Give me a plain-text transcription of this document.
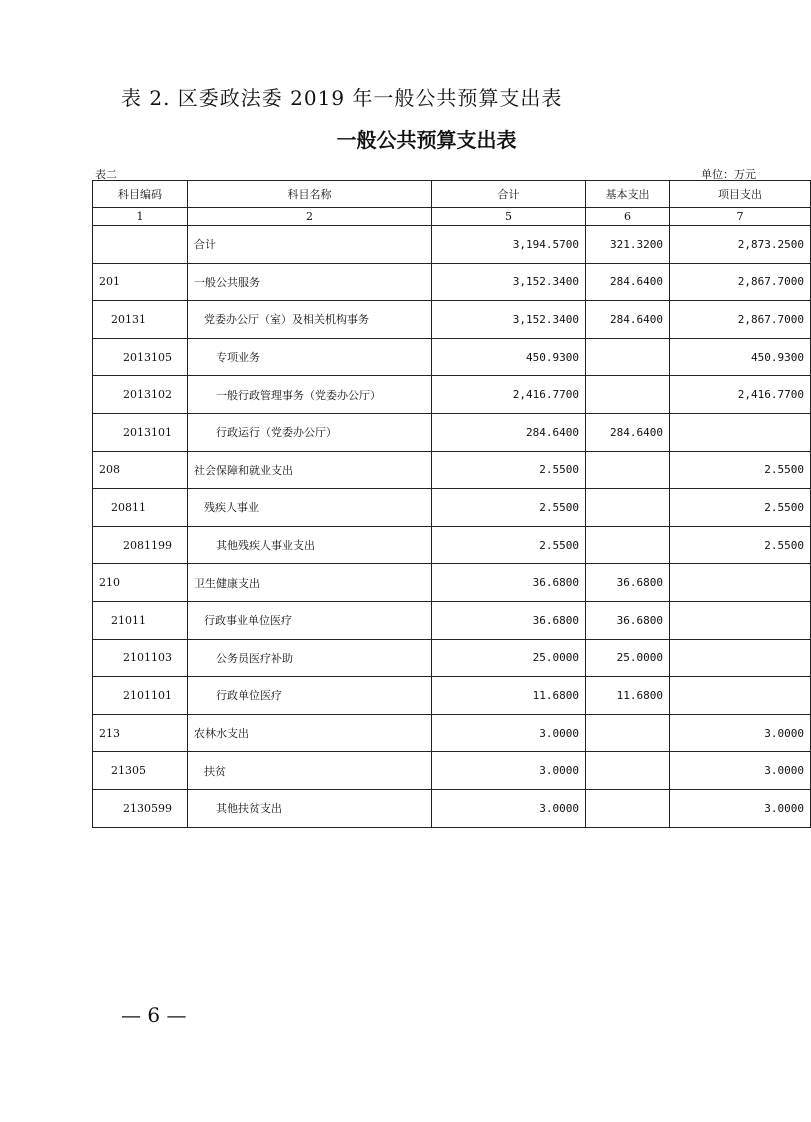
表 2. 区委政法委 2019 年一般公共预算支出表
一般公共预算支出表
表二	单位：万元
科目编码	科目名称	合计	基本支出	项目支出
1	2	5	6	7
	合计	3,194.5700	321.3200	2,873.2500
201	一般公共服务	3,152.3400	284.6400	2,867.7000
20131	党委办公厅（室）及相关机构事务	3,152.3400	284.6400	2,867.7000
2013105	专项业务	450.9300		450.9300
2013102	一般行政管理事务（党委办公厅）	2,416.7700		2,416.7700
2013101	行政运行（党委办公厅）	284.6400	284.6400	
208	社会保障和就业支出	2.5500		2.5500
20811	残疾人事业	2.5500		2.5500
2081199	其他残疾人事业支出	2.5500		2.5500
210	卫生健康支出	36.6800	36.6800	
21011	行政事业单位医疗	36.6800	36.6800	
2101103	公务员医疗补助	25.0000	25.0000	
2101101	行政单位医疗	11.6800	11.6800	
213	农林水支出	3.0000		3.0000
21305	扶贫	3.0000		3.0000
2130599	其他扶贫支出	3.0000		3.0000
— 6 —
